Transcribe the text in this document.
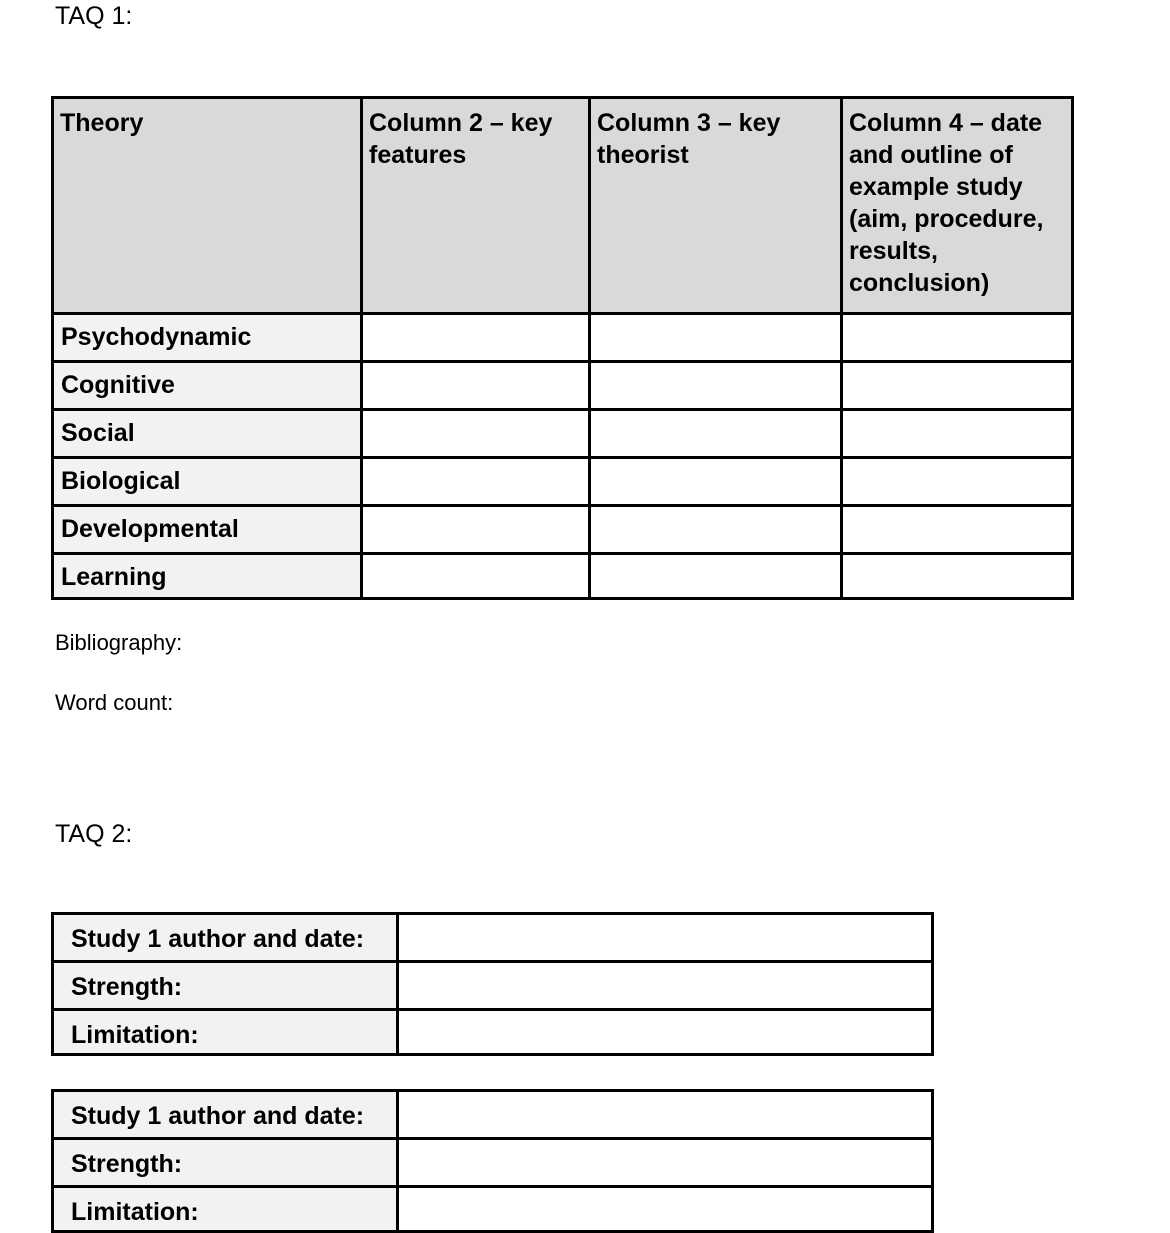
TAQ 1:
Theory	Column 2 – key features	Column 3 – key theorist	Column 4 – date and outline of example study (aim, procedure, results, conclusion)
Psychodynamic			
Cognitive			
Social			
Biological			
Developmental			
Learning			

Bibliography:

Word count:

TAQ 2:
Study 1 author and date:	
Strength:	
Limitation:	
Study 1 author and date:	
Strength:	
Limitation:	
